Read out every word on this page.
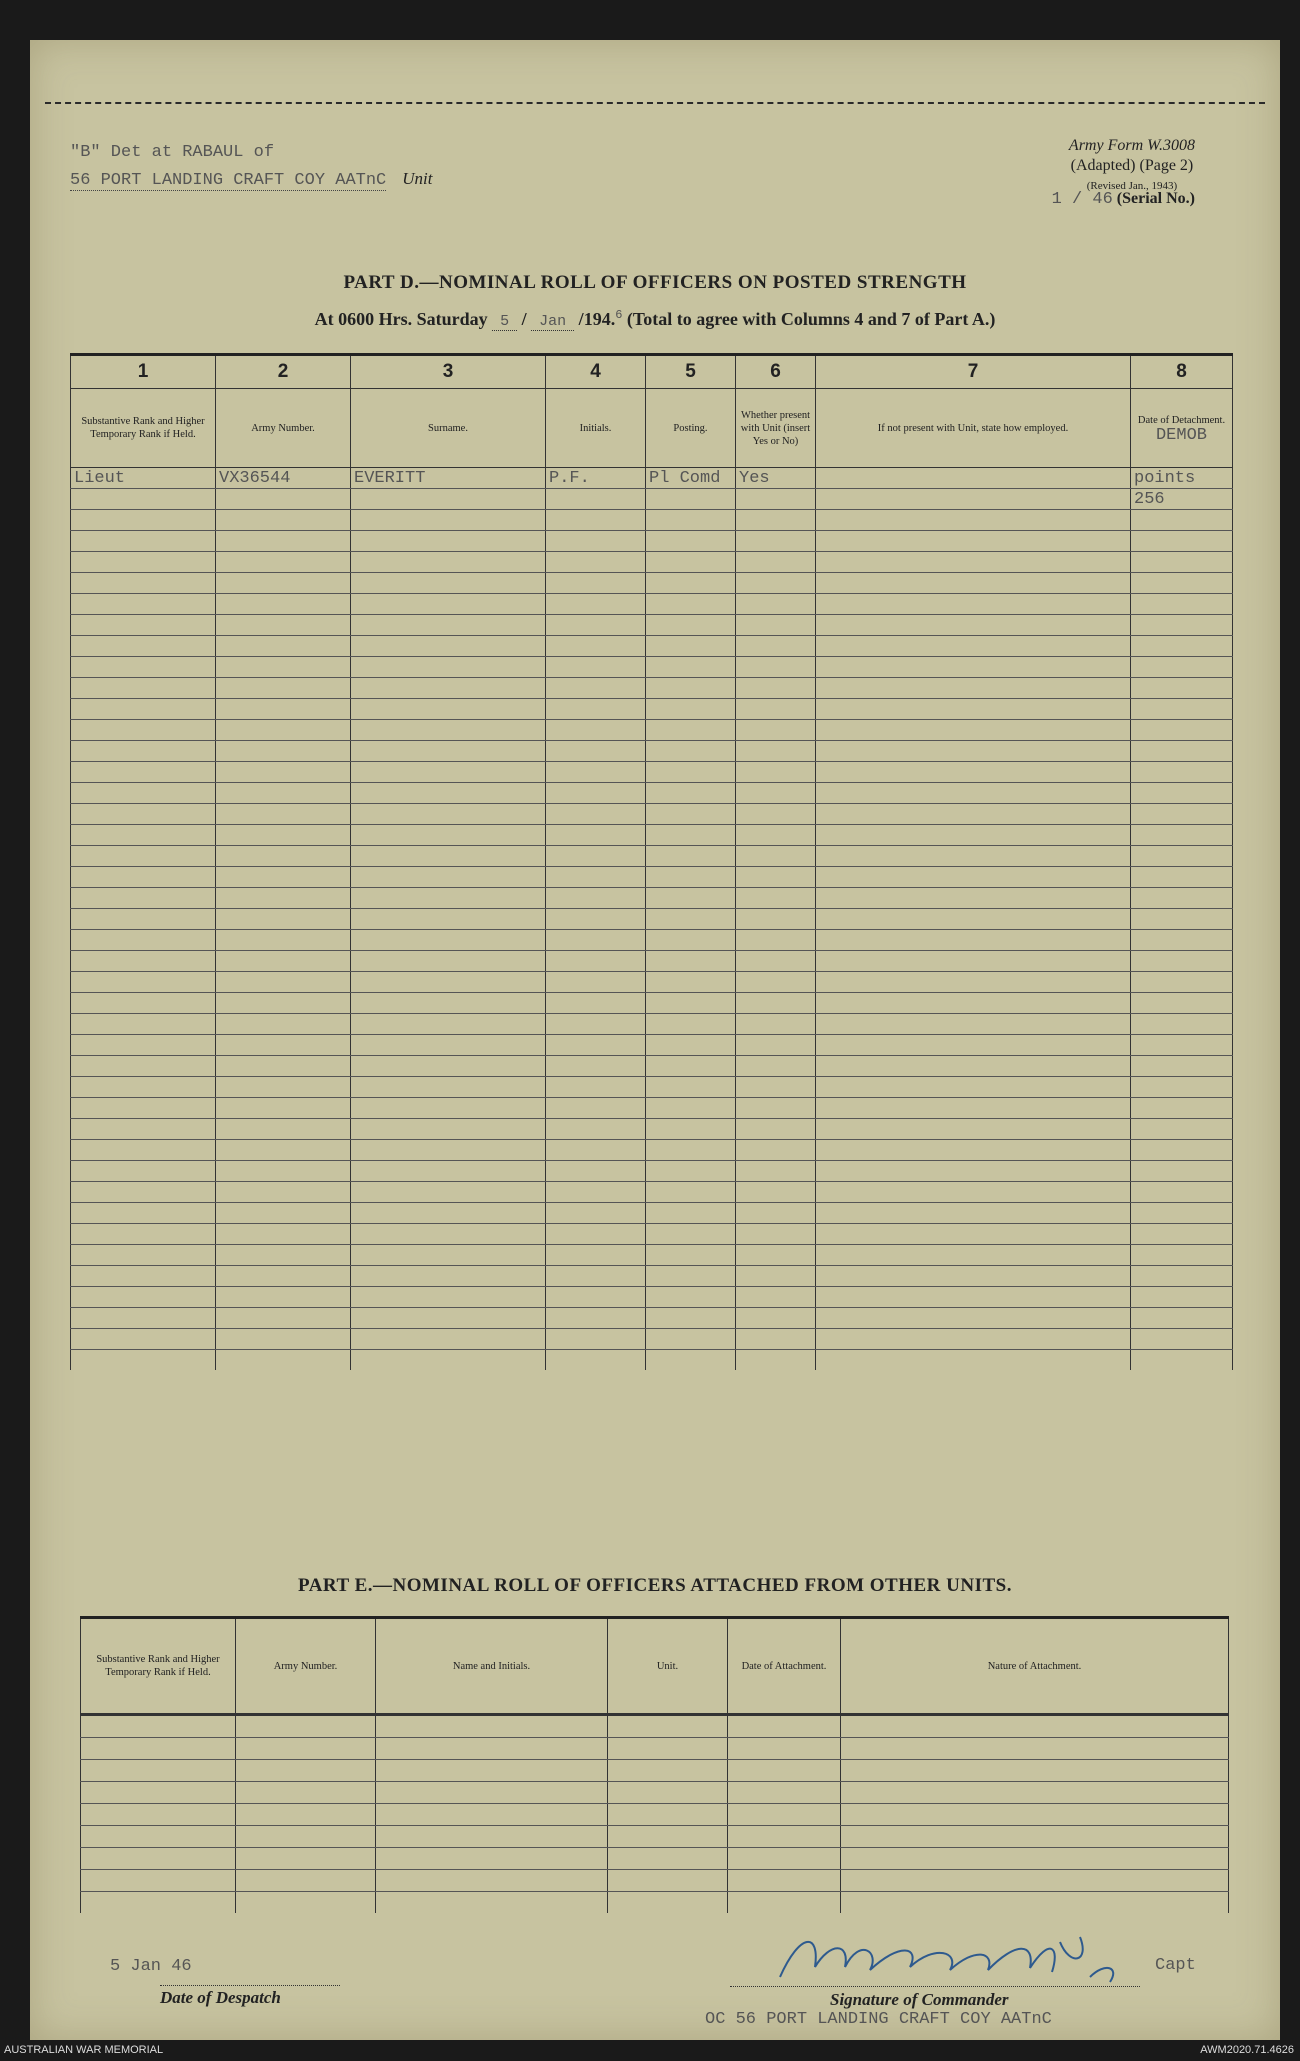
"B" Det at RABAUL of
56 PORT LANDING CRAFT COY AATnC Unit
Army Form W.3008
(Adapted) (Page 2)
(Revised Jan., 1943)
1 / 46 (Serial No.)
PART D.—NOMINAL ROLL OF OFFICERS ON POSTED STRENGTH
At 0600 Hrs. Saturday 5 / Jan /194.$^6$ (Total to agree with Columns 4 and 7 of Part A.)
1	2	3	4	5	6	7	8

Substantive Rank and Higher Temporary Rank if Held.	Army Number.	Surname.	Initials.	Posting.	Whether present with Unit (insert Yes or No)	If not present with Unit, state how employed.	Date of Detachment.
DEMOB

Lieut	VX36544	EVERITT	P.F.	Pl Comd	Yes		points
							256

PART E.—NOMINAL ROLL OF OFFICERS ATTACHED FROM OTHER UNITS.
Substantive Rank and Higher Temporary Rank if Held.	Army Number.	Name and Initials.	Unit.	Date of Attachment.	Nature of Attachment.

5 Jan 46
Date of Despatch
Capt
Signature of Commander
OC 56 PORT LANDING CRAFT COY AATnC
AUSTRALIAN WAR MEMORIAL	AWM2020.71.4626
